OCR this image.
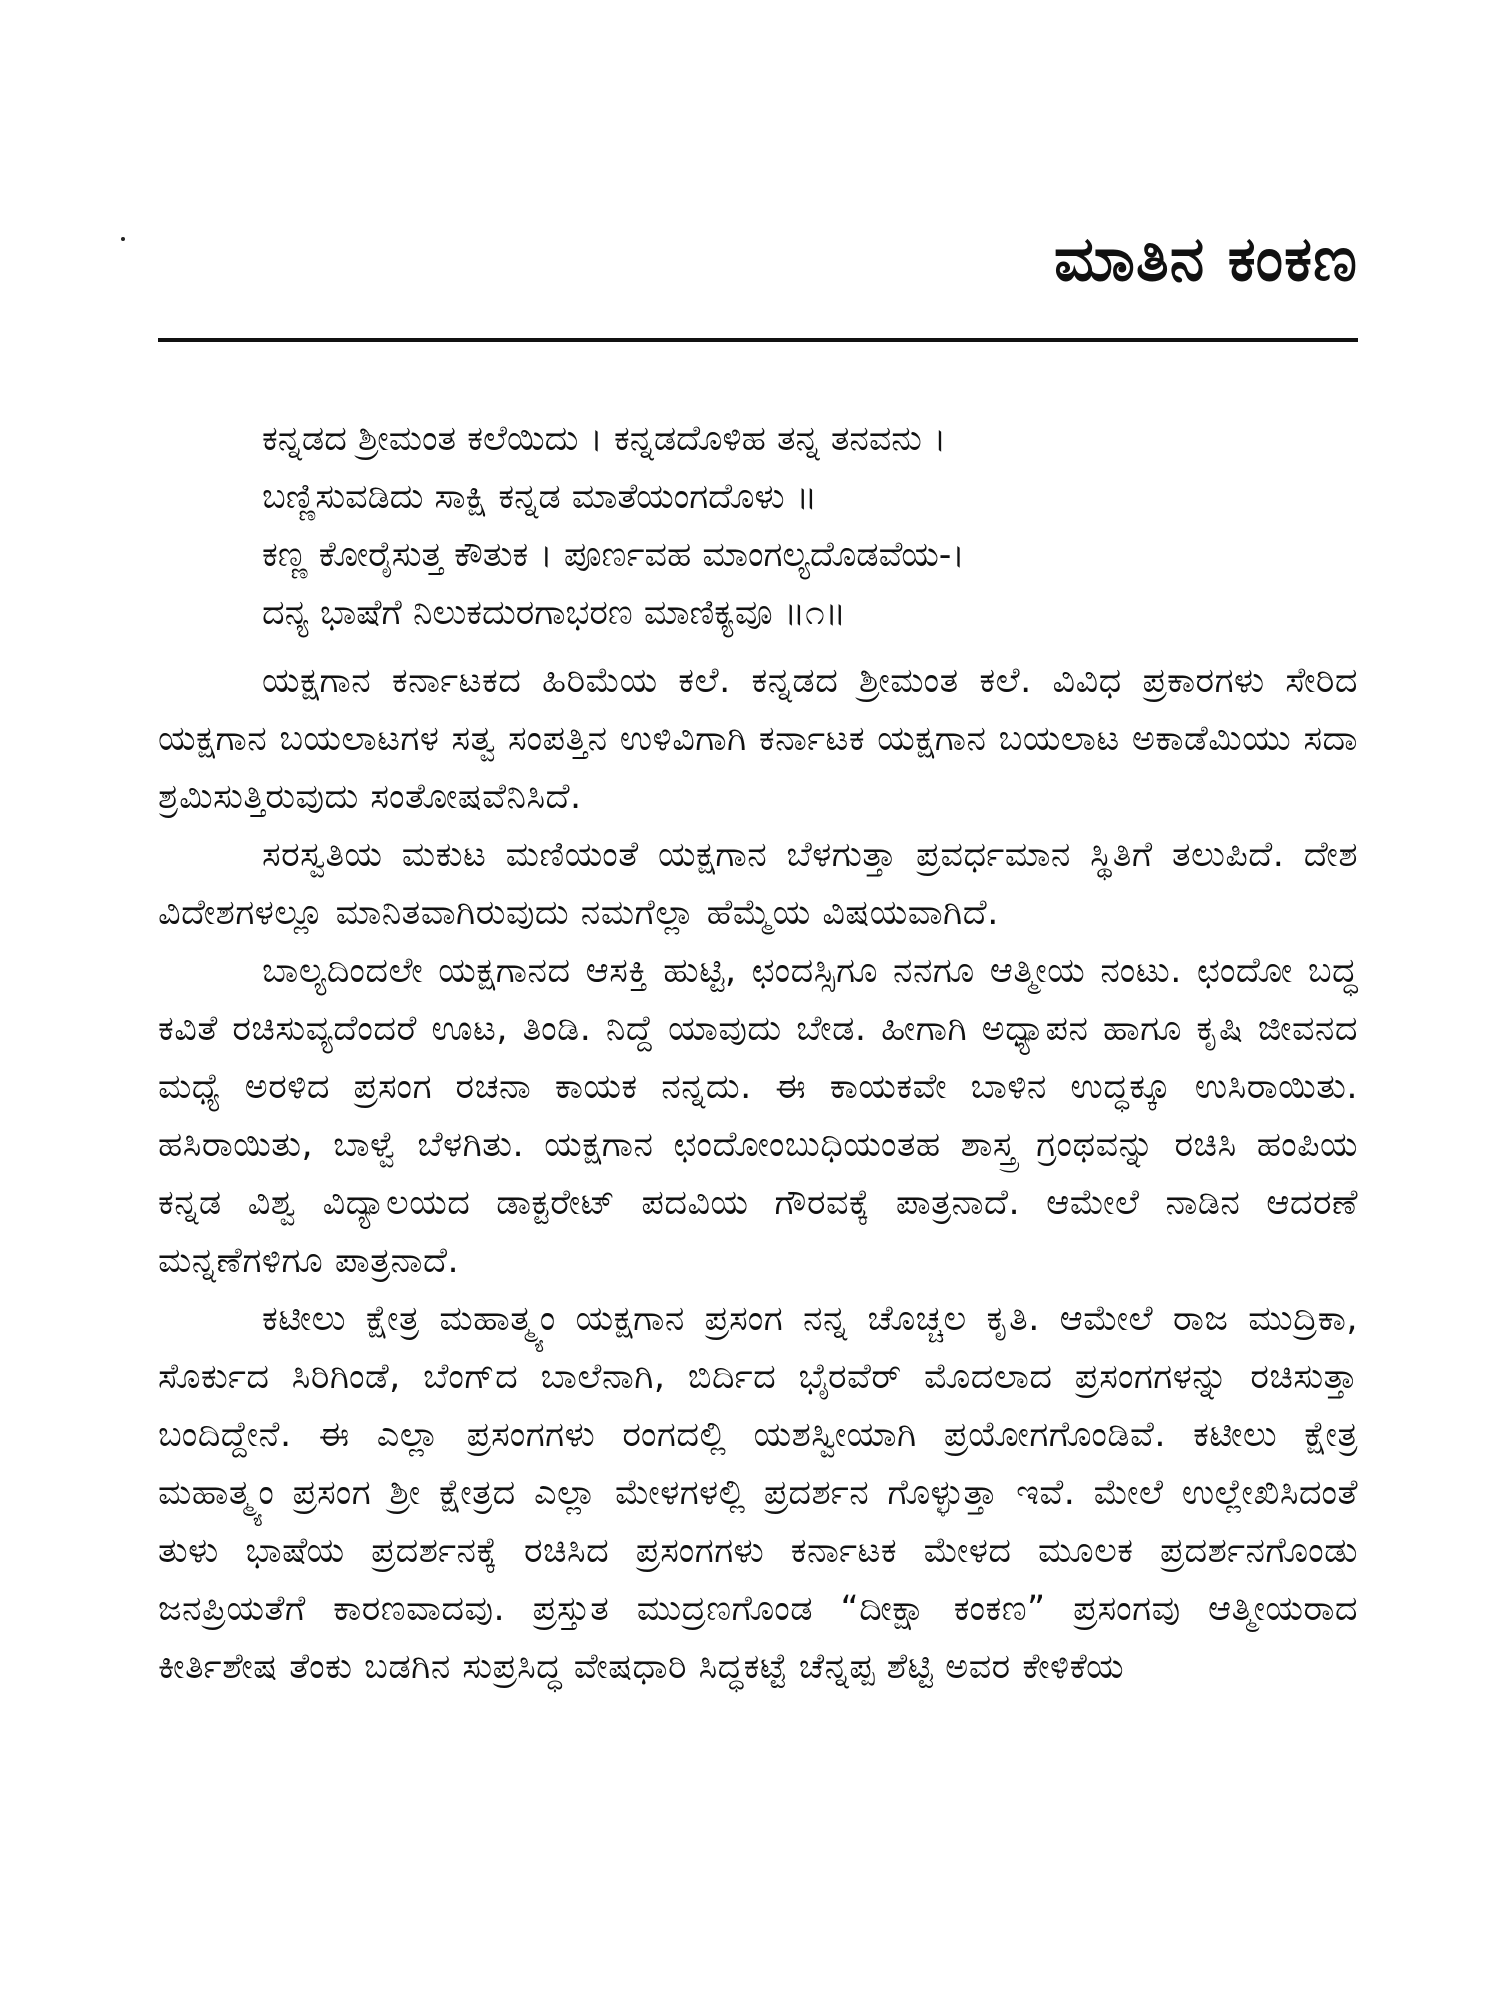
ಮಾತಿನ ಕಂಕಣ
ಕನ್ನಡದ ಶ್ರೀಮಂತ ಕಲೆಯಿದು । ಕನ್ನಡದೊಳಿಹ ತನ್ನ ತನವನು ।
ಬಣ್ಣಿಸುವಡಿದು ಸಾಕ್ಷಿ ಕನ್ನಡ ಮಾತೆಯಂಗದೊಳು ॥
ಕಣ್ಣ ಕೋರೈಸುತ್ತ ಕೌತುಕ । ಪೂರ್ಣವಹ ಮಾಂಗಲ್ಯದೊಡವೆಯ-।
ದನ್ಯ ಭಾಷೆಗೆ ನಿಲುಕದುರಗಾಭರಣ ಮಾಣಿಕ್ಯವೂ ॥೧॥

ಯಕ್ಷಗಾನ ಕರ್ನಾಟಕದ ಹಿರಿಮೆಯ ಕಲೆ. ಕನ್ನಡದ ಶ್ರೀಮಂತ ಕಲೆ. ವಿವಿಧ ಪ್ರಕಾರಗಳು ಸೇರಿದ ಯಕ್ಷಗಾನ ಬಯಲಾಟಗಳ ಸತ್ವ ಸಂಪತ್ತಿನ ಉಳಿವಿಗಾಗಿ ಕರ್ನಾಟಕ ಯಕ್ಷಗಾನ ಬಯಲಾಟ ಅಕಾಡೆಮಿಯು ಸದಾ ಶ್ರಮಿಸುತ್ತಿರುವುದು ಸಂತೋಷವೆನಿಸಿದೆ.

ಸರಸ್ವತಿಯ ಮಕುಟ ಮಣಿಯಂತೆ ಯಕ್ಷಗಾನ ಬೆಳಗುತ್ತಾ ಪ್ರವರ್ಧಮಾನ ಸ್ಥಿತಿಗೆ ತಲುಪಿದೆ. ದೇಶ ವಿದೇಶಗಳಲ್ಲೂ ಮಾನಿತವಾಗಿರುವುದು ನಮಗೆಲ್ಲಾ ಹೆಮ್ಮೆಯ ವಿಷಯವಾಗಿದೆ.

ಬಾಲ್ಯದಿಂದಲೇ ಯಕ್ಷಗಾನದ ಆಸಕ್ತಿ ಹುಟ್ಟಿ, ಛಂದಸ್ಸಿಗೂ ನನಗೂ ಆತ್ಮೀಯ ನಂಟು. ಛಂದೋ ಬದ್ಧ ಕವಿತೆ ರಚಿಸುವ್ಯದೆಂದರೆ ಊಟ, ತಿಂಡಿ. ನಿದ್ದೆ ಯಾವುದು ಬೇಡ. ಹೀಗಾಗಿ ಅಧ್ಯಾಪನ ಹಾಗೂ ಕೃಷಿ ಜೀವನದ ಮಧ್ಯೆ ಅರಳಿದ ಪ್ರಸಂಗ ರಚನಾ ಕಾಯಕ ನನ್ನದು. ಈ ಕಾಯಕವೇ ಬಾಳಿನ ಉದ್ಧಕ್ಕೂ ಉಸಿರಾಯಿತು. ಹಸಿರಾಯಿತು, ಬಾಳ್ವೆ ಬೆಳಗಿತು. ಯಕ್ಷಗಾನ ಛಂದೋಂಬುಧಿಯಂತಹ ಶಾಸ್ತ್ರ ಗ್ರಂಥವನ್ನು ರಚಿಸಿ ಹಂಪಿಯ ಕನ್ನಡ ವಿಶ್ವ ವಿದ್ಯಾಲಯದ ಡಾಕ್ಟರೇಟ್ ಪದವಿಯ ಗೌರವಕ್ಕೆ ಪಾತ್ರನಾದೆ. ಆಮೇಲೆ ನಾಡಿನ ಆದರಣೆ ಮನ್ನಣೆಗಳಿಗೂ ಪಾತ್ರನಾದೆ.

ಕಟೀಲು ಕ್ಷೇತ್ರ ಮಹಾತ್ಮ್ಯಂ ಯಕ್ಷಗಾನ ಪ್ರಸಂಗ ನನ್ನ ಚೊಚ್ಚಲ ಕೃತಿ. ಆಮೇಲೆ ರಾಜ ಮುದ್ರಿಕಾ, ಸೊರ್ಕುದ ಸಿರಿಗಿಂಡೆ, ಬೆಂಗ್‌ದ ಬಾಲೆನಾಗಿ, ಬಿರ್ದಿದ ಭೈರವೆರ್ ಮೊದಲಾದ ಪ್ರಸಂಗಗಳನ್ನು ರಚಿಸುತ್ತಾ ಬಂದಿದ್ದೇನೆ. ಈ ಎಲ್ಲಾ ಪ್ರಸಂಗಗಳು ರಂಗದಲ್ಲಿ ಯಶಸ್ವೀಯಾಗಿ ಪ್ರಯೋಗಗೊಂಡಿವೆ. ಕಟೀಲು ಕ್ಷೇತ್ರ ಮಹಾತ್ಮ್ಯಂ ಪ್ರಸಂಗ ಶ್ರೀ ಕ್ಷೇತ್ರದ ಎಲ್ಲಾ ಮೇಳಗಳಲ್ಲಿ ಪ್ರದರ್ಶನ ಗೊಳ್ಳುತ್ತಾ ಇವೆ. ಮೇಲೆ ಉಲ್ಲೇಖಿಸಿದಂತೆ ತುಳು ಭಾಷೆಯ ಪ್ರದರ್ಶನಕ್ಕೆ ರಚಿಸಿದ ಪ್ರಸಂಗಗಳು ಕರ್ನಾಟಕ ಮೇಳದ ಮೂಲಕ ಪ್ರದರ್ಶನಗೊಂಡು ಜನಪ್ರಿಯತೆಗೆ ಕಾರಣವಾದವು. ಪ್ರಸ್ತುತ ಮುದ್ರಣಗೊಂಡ “ದೀಕ್ಷಾ ಕಂಕಣ” ಪ್ರಸಂಗವು ಆತ್ಮೀಯರಾದ ಕೀರ್ತಿಶೇಷ ತೆಂಕು ಬಡಗಿನ ಸುಪ್ರಸಿದ್ಧ ವೇಷಧಾರಿ ಸಿದ್ಧಕಟ್ಟೆ ಚೆನ್ನಪ್ಪ ಶೆಟ್ಟಿ ಅವರ ಕೇಳಿಕೆಯ
